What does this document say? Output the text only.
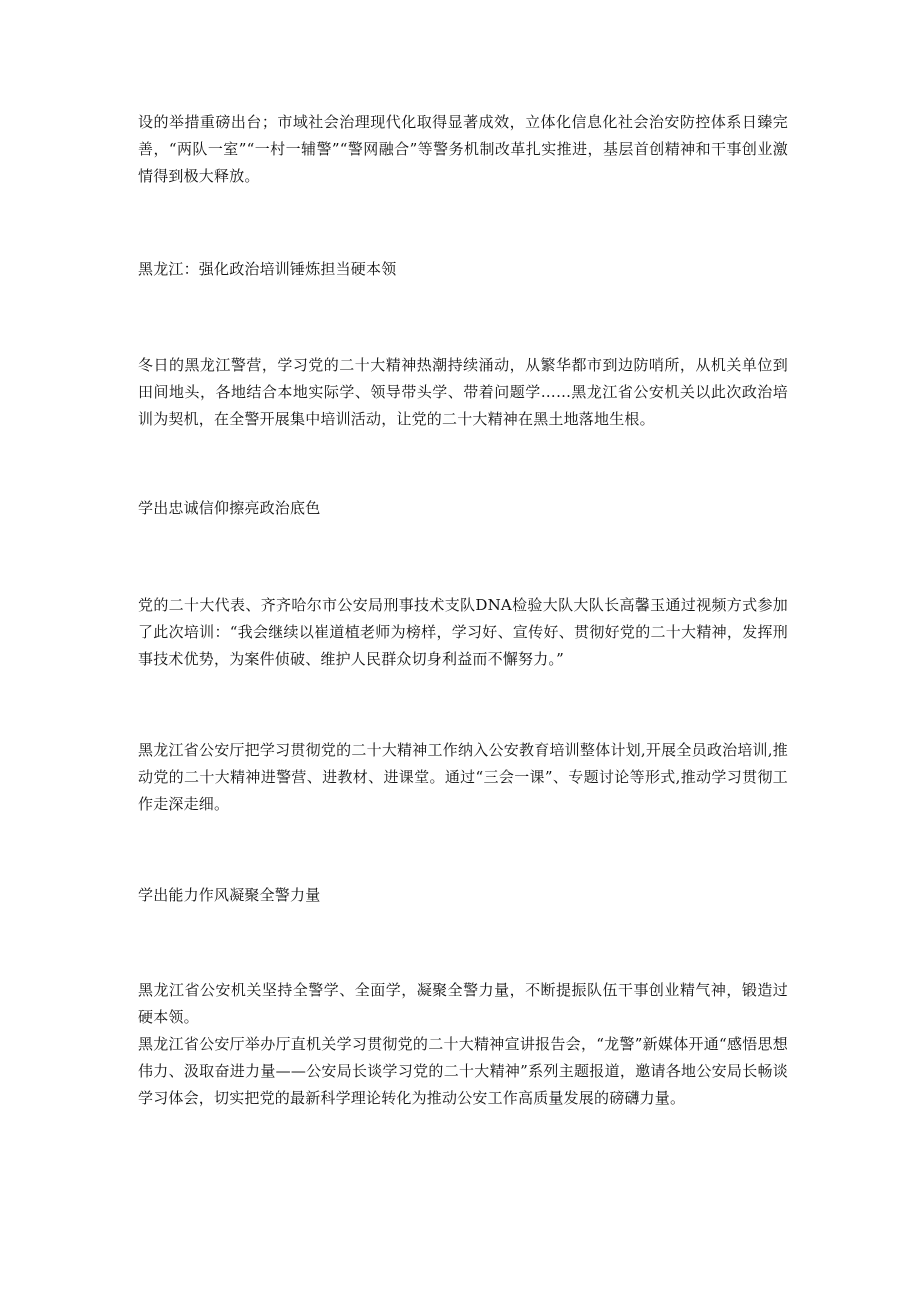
设的举措重磅出台；市域社会治理现代化取得显著成效，立体化信息化社会治安防控体系日臻完善，“两队一室”“一村一辅警”“警网融合”等警务机制改革扎实推进，基层首创精神和干事创业激情得到极大释放。

黑龙江：强化政治培训锤炼担当硬本领

冬日的黑龙江警营，学习党的二十大精神热潮持续涌动，从繁华都市到边防哨所，从机关单位到田间地头，各地结合本地实际学、领导带头学、带着问题学……黑龙江省公安机关以此次政治培训为契机，在全警开展集中培训活动，让党的二十大精神在黑土地落地生根。

学出忠诚信仰擦亮政治底色

党的二十大代表、齐齐哈尔市公安局刑事技术支队DNA检验大队大队长高馨玉通过视频方式参加了此次培训：“我会继续以崔道植老师为榜样，学习好、宣传好、贯彻好党的二十大精神，发挥刑事技术优势，为案件侦破、维护人民群众切身利益而不懈努力。”

黑龙江省公安厅把学习贯彻党的二十大精神工作纳入公安教育培训整体计划,开展全员政治培训,推动党的二十大精神进警营、进教材、进课堂。通过“三会一课”、专题讨论等形式,推动学习贯彻工作走深走细。

学出能力作风凝聚全警力量

黑龙江省公安机关坚持全警学、全面学，凝聚全警力量，不断提振队伍干事创业精气神，锻造过硬本领。

黑龙江省公安厅举办厅直机关学习贯彻党的二十大精神宣讲报告会，“龙警”新媒体开通“感悟思想伟力、汲取奋进力量——公安局长谈学习党的二十大精神”系列主题报道，邀请各地公安局长畅谈学习体会，切实把党的最新科学理论转化为推动公安工作高质量发展的磅礴力量。
